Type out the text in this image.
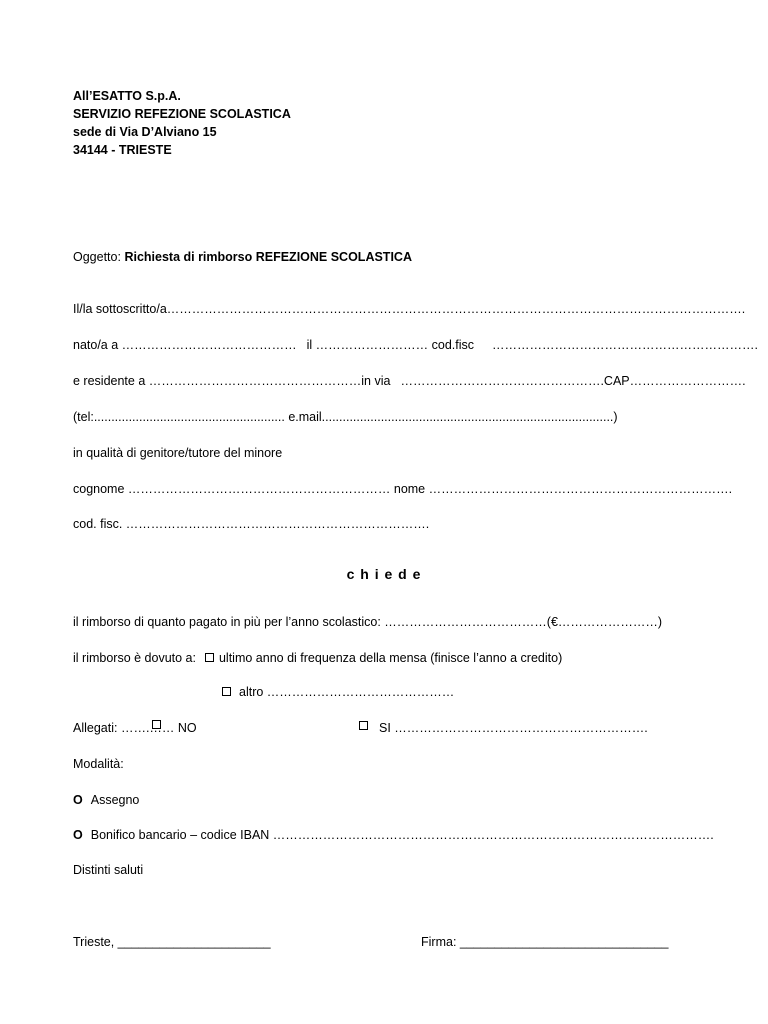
All’ESATTO S.p.A.
SERVIZIO REFEZIONE SCOLASTICA
sede di Via D’Alviano 15
34144 - TRIESTE
Oggetto: Richiesta di rimborso REFEZIONE SCOLASTICA
Il/la sottoscritto/a………………………………………………………………………………………………………………………….
nato/a a …………………………………… il ……………………… cod.fisc ……………………………………………………….
e residente a ……………………………………………in via ………………………………………….CAP……………………….
(tel:....................................................... e.mail....................................................................................)
in qualità di genitore/tutore del minore
cognome ……………………………………………………… nome ……………………………………………………………….
cod. fisc. ……………………………………………………………….
c h i e d e
il rimborso di quanto pagato in più per l’anno scolastico: …………………………………(€……………………)
il rimborso è dovuto a: ultimo anno di frequenza della mensa (finisce l’anno a credito)
altro ………………………………………
Allegati: …….…… NO	SI …………………………………………………….
Modalità:
O Assegno
O Bonifico bancario – codice IBAN …………………………………………………………………………………………….
Distinti saluti
Trieste, ______________________	Firma: ______________________________
